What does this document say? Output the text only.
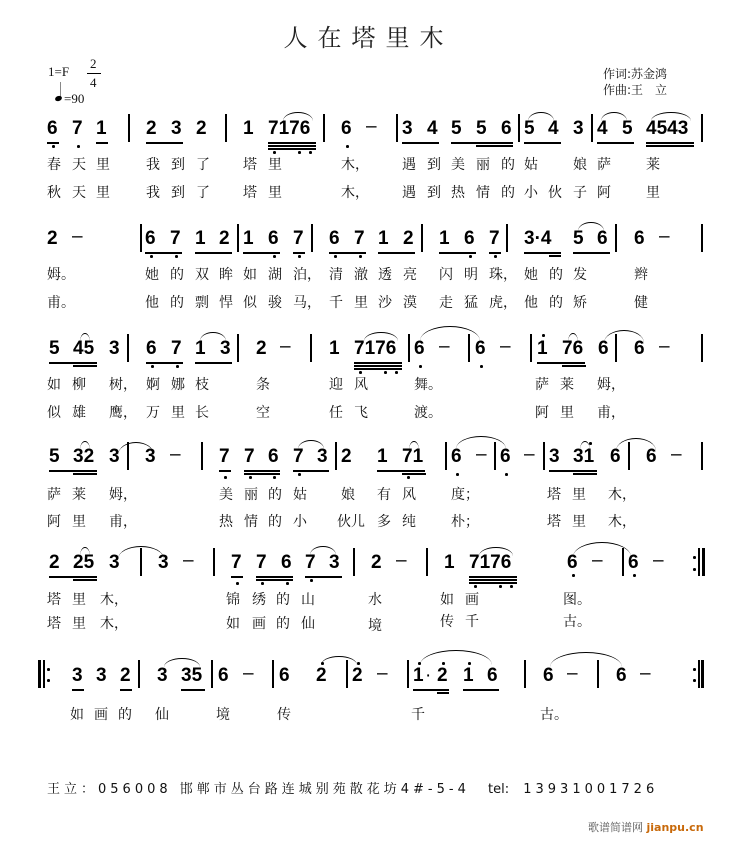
人在塔里木
1=F
2
4
=90
作词:苏金鸿
作曲:王　立
6 7 1 2 3 2 1 7176 6 – 3 4 5 5 6 5 4 3 4 5 4543
春 天 里	我 到 了 塔 里	木， 遇 到 美 丽 的 姑	娘 萨	莱
秋 天 里	我 到 了 塔 里	木， 遇 到 热 情 的 小 伙 子 阿	里
2 –	6 7 1 2 1 6 7 6 7 1 2 1 6 7 3·4 5 6 6 –
姆。	她 的 双 眸 如 湖 泊， 清 澈 透 亮 闪 明 珠， 她 的 发	辫
甫。	他 的 剽 悍 似 骏 马， 千 里 沙 漠 走 猛 虎， 他 的 矫	健
5 45 3 6 7 1 3 2 – 1 7176 6 – 6 – 1 76 6 6 –
如 柳 树， 婀 娜 枝	条	迎 风	舞。	萨 莱 姆，
似 雄 鹰， 万 里 长	空	任 飞	渡。	阿 里 甫，
5 32 3 3 – 7 7 6 7 3 2 1 71 6 – 6 – 3 31 6 6 –
萨 莱 姆，	美 丽 的 姑 娘 有 风	度；	塔 里 木，
阿 里 甫，	热 情 的 小 伙儿 多 纯	朴；	塔 里 木，
2 25 3 3 – 7 7 6 7 3 2 – 1 7176	6 – 6 –
塔 里 木，	锦 绣 的 山	水	如 画	图。
塔 里 木，	如 画 的 仙	境	传 千	古。
3 3 2 3 35 6 – 6 2 2 – 1 · 2 1 6 6 – 6 –
如 画 的 仙	境	传	千	古。
王立：056008 邯郸市丛台路连城别苑散花坊4#-5-4 tel: 13931001726
歌谱简谱网 jianpu.cn
